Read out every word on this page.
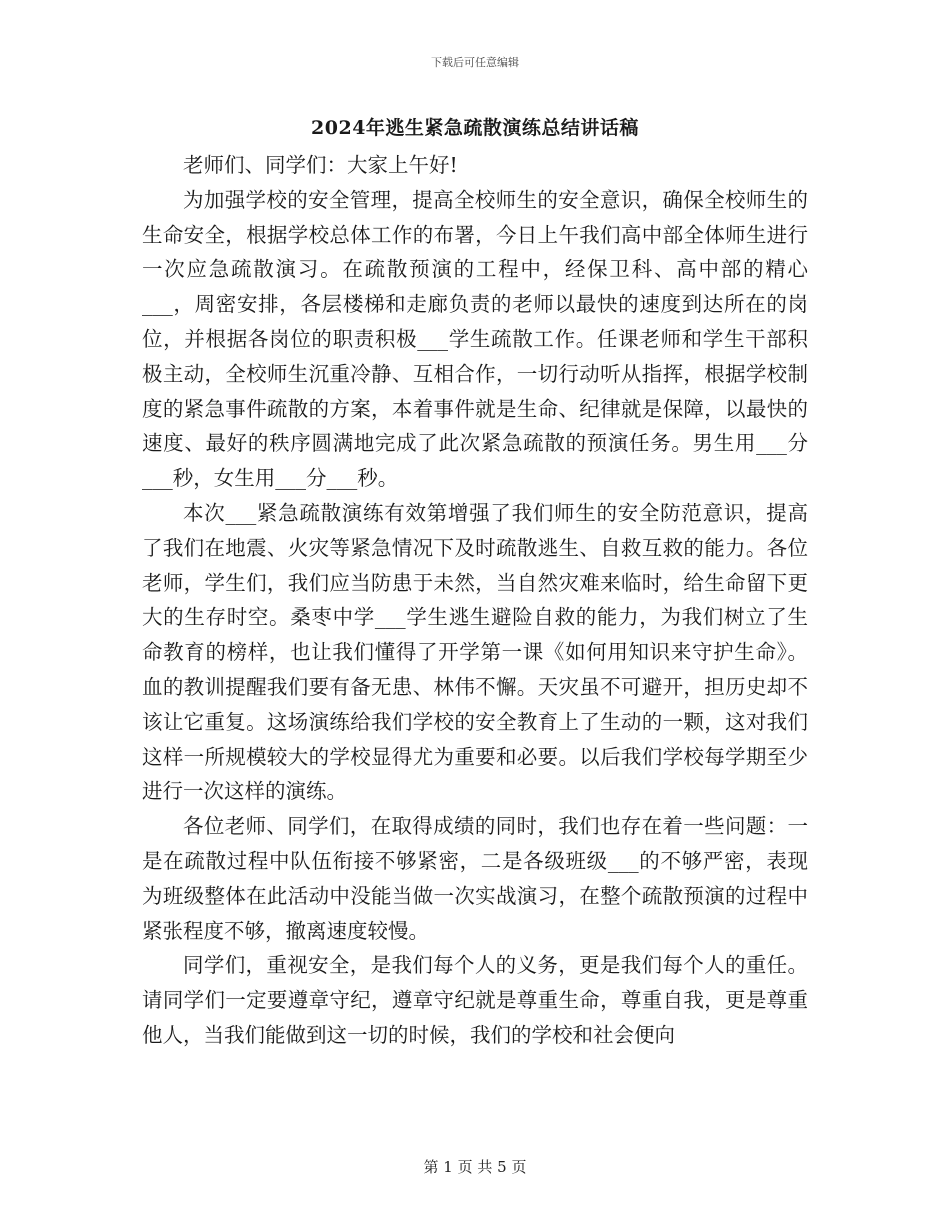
下载后可任意编辑
2024年逃生紧急疏散演练总结讲话稿

老师们、同学们：大家上午好!

为加强学校的安全管理，提高全校师生的安全意识，确保全校师生的生命安全，根据学校总体工作的布署，今日上午我们高中部全体师生进行一次应急疏散演习。在疏散预演的工程中，经保卫科、高中部的精心___，周密安排，各层楼梯和走廊负责的老师以最快的速度到达所在的岗位，并根据各岗位的职责积极___学生疏散工作。任课老师和学生干部积极主动，全校师生沉重冷静、互相合作，一切行动听从指挥，根据学校制度的紧急事件疏散的方案，本着事件就是生命、纪律就是保障，以最快的速度、最好的秩序圆满地完成了此次紧急疏散的预演任务。男生用___分___秒，女生用___分___秒。

本次___紧急疏散演练有效第增强了我们师生的安全防范意识，提高了我们在地震、火灾等紧急情况下及时疏散逃生、自救互救的能力。各位老师，学生们，我们应当防患于未然，当自然灾难来临时，给生命留下更大的生存时空。桑枣中学___学生逃生避险自救的能力，为我们树立了生命教育的榜样，也让我们懂得了开学第一课《如何用知识来守护生命》。血的教训提醒我们要有备无患、林伟不懈。天灾虽不可避开，担历史却不该让它重复。这场演练给我们学校的安全教育上了生动的一颗，这对我们这样一所规模较大的学校显得尤为重要和必要。以后我们学校每学期至少进行一次这样的演练。

各位老师、同学们，在取得成绩的同时，我们也存在着一些问题：一是在疏散过程中队伍衔接不够紧密，二是各级班级___的不够严密，表现为班级整体在此活动中没能当做一次实战演习，在整个疏散预演的过程中紧张程度不够，撤离速度较慢。

同学们，重视安全，是我们每个人的义务，更是我们每个人的重任。请同学们一定要遵章守纪，遵章守纪就是尊重生命，尊重自我，更是尊重他人，当我们能做到这一切的时候，我们的学校和社会便向

第 1 页 共 5 页
